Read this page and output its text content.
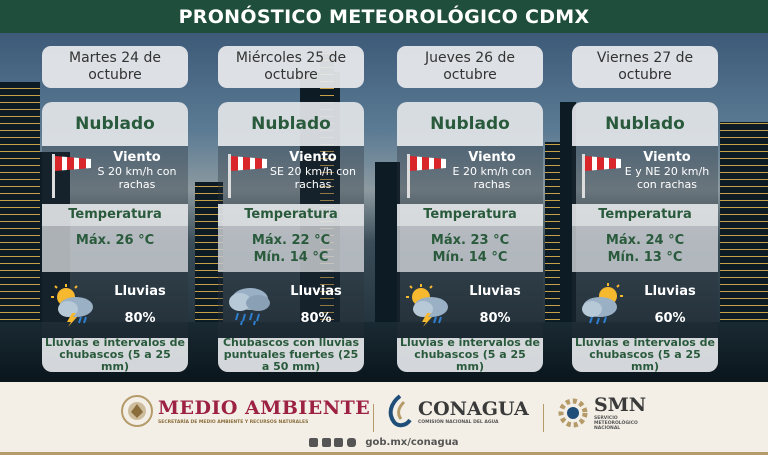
PRONÓSTICO METEOROLÓGICO CDMX
Martes 24 de octubre
Nublado
Viento
S 20 km/h con rachas
Temperatura
Máx. 26 °C
Lluvias
80%
Lluvias e intervalos de chubascos (5 a 25 mm)
Miércoles 25 de octubre
Nublado
Viento
SE 20 km/h con rachas
Temperatura
Máx. 22 °C
Mín. 14 °C
Lluvias
80%
Chubascos con lluvias puntuales fuertes (25 a 50 mm)
Jueves 26 de octubre
Nublado
Viento
E 20 km/h con rachas
Temperatura
Máx. 23 °C
Mín. 14 °C
Lluvias
80%
Lluvias e intervalos de chubascos (5 a 25 mm)
Viernes 27 de octubre
Nublado
Viento
E y NE 20 km/h con rachas
Temperatura
Máx. 24 °C
Mín. 13 °C
Lluvias
60%
Lluvias e intervalos de chubascos (5 a 25 mm)
MEDIO AMBIENTE
SECRETARÍA DE MEDIO AMBIENTE Y RECURSOS NATURALES
CONAGUA
COMISIÓN NACIONAL DEL AGUA
SMN
SERVICIO METEOROLÓGICO NACIONAL
gob.mx/conagua
